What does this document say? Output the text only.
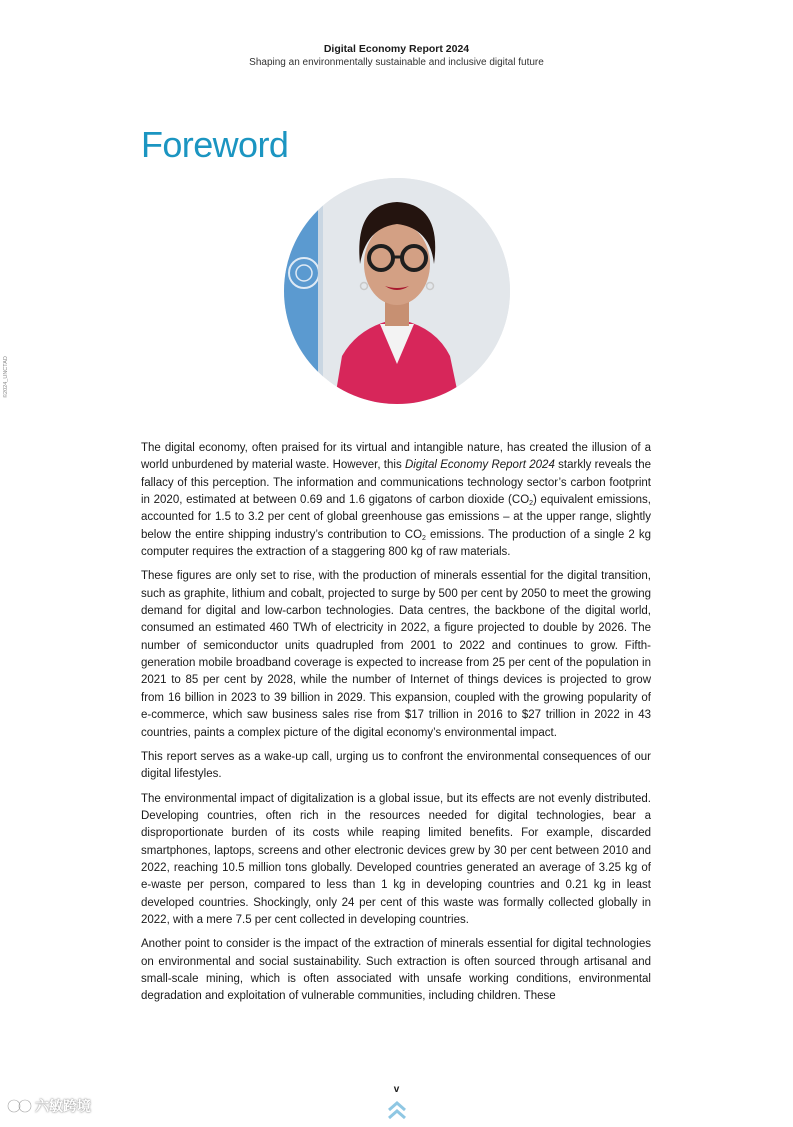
Digital Economy Report 2024
Shaping an environmentally sustainable and inclusive digital future
Foreword
©2024_UNCTAD

The digital economy, often praised for its virtual and intangible nature, has created the illusion of a world unburdened by material waste. However, this Digital Economy Report 2024 starkly reveals the fallacy of this perception. The information and communications technology sector’s carbon footprint in 2020, estimated at between 0.69 and 1.6 gigatons of carbon dioxide $(CO_2)$ equivalent emissions, accounted for 1.5 to 3.2 per cent of global greenhouse gas emissions – at the upper range, slightly below the entire shipping industry’s contribution to $CO_2$ emissions. The production of a single 2 kg computer requires the extraction of a staggering 800 kg of raw materials.

These figures are only set to rise, with the production of minerals essential for the digital transition, such as graphite, lithium and cobalt, projected to surge by 500 per cent by 2050 to meet the growing demand for digital and low-carbon technologies. Data centres, the backbone of the digital world, consumed an estimated 460 TWh of electricity in 2022, a figure projected to double by 2026. The number of semiconductor units quadrupled from 2001 to 2022 and continues to grow. Fifth-generation mobile broadband coverage is expected to increase from 25 per cent of the population in 2021 to 85 per cent by 2028, while the number of Internet of things devices is projected to grow from 16 billion in 2023 to 39 billion in 2029. This expansion, coupled with the growing popularity of e-commerce, which saw business sales rise from $17 trillion in 2016 to $27 trillion in 2022 in 43 countries, paints a complex picture of the digital economy’s environmental impact.

This report serves as a wake-up call, urging us to confront the environmental consequences of our digital lifestyles.

The environmental impact of digitalization is a global issue, but its effects are not evenly distributed. Developing countries, often rich in the resources needed for digital technologies, bear a disproportionate burden of its costs while reaping limited benefits. For example, discarded smartphones, laptops, screens and other electronic devices grew by 30 per cent between 2010 and 2022, reaching 10.5 million tons globally. Developed countries generated an average of 3.25 kg of e-waste per person, compared to less than 1 kg in developing countries and 0.21 kg in least developed countries. Shockingly, only 24 per cent of this waste was formally collected globally in 2022, with a mere 7.5 per cent collected in developing countries.

Another point to consider is the impact of the extraction of minerals essential for digital technologies on environmental and social sustainability. Such extraction is often sourced through artisanal and small-scale mining, which is often associated with unsafe working conditions, environmental degradation and exploitation of vulnerable communities, including children. These

v
六敏跨境
